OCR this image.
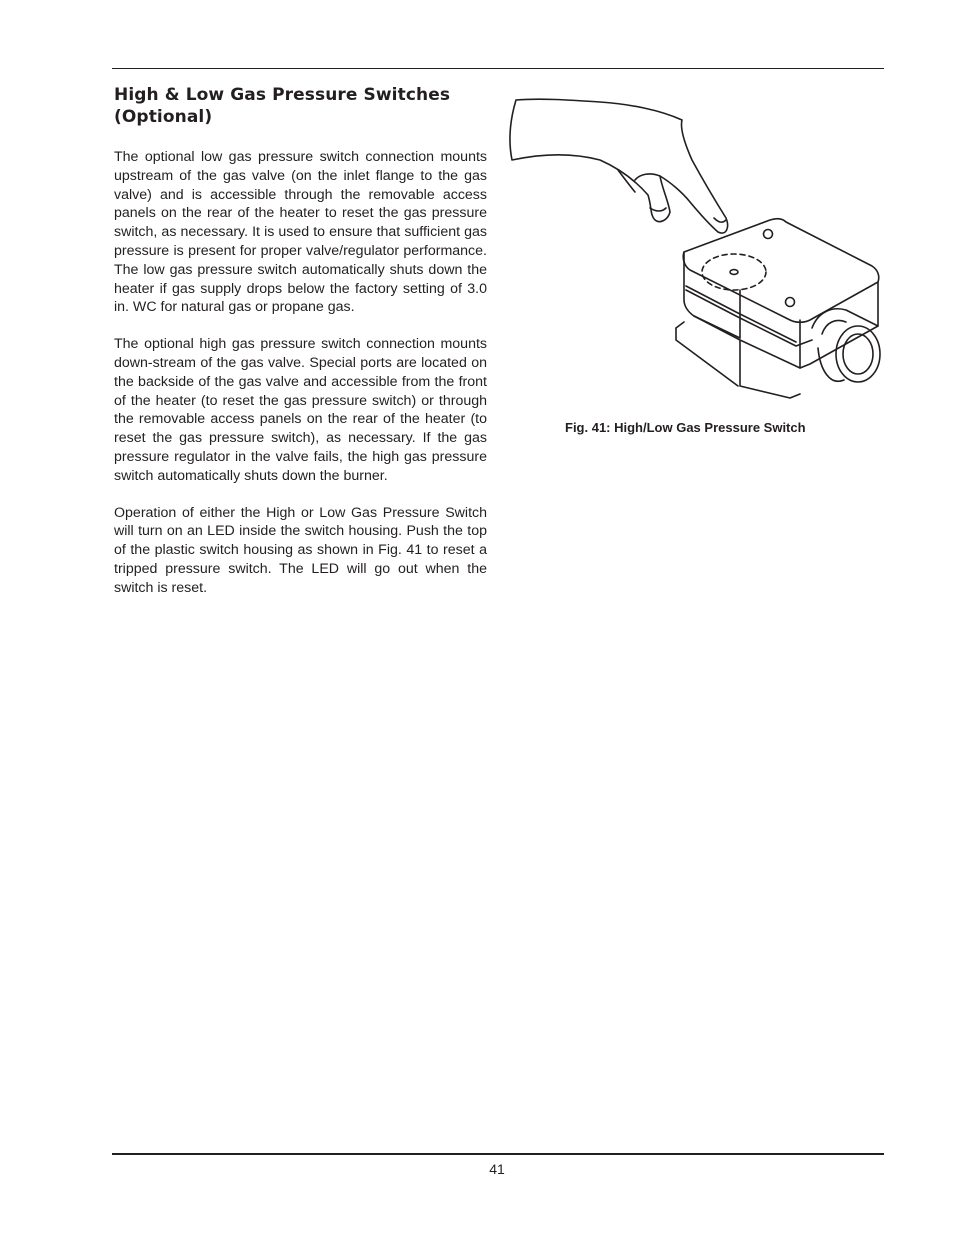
High & Low Gas Pressure Switches
(Optional)

The optional low gas pressure switch connection mounts upstream of the gas valve (on the inlet flange to the gas valve) and is accessible through the removable access panels on the rear of the heater to reset the gas pressure switch, as necessary. It is used to ensure that sufficient gas pressure is present for proper valve/regulator performance. The low gas pressure switch automatically shuts down the heater if gas supply drops below the factory setting of 3.0 in. WC for natural gas or propane gas.

The optional high gas pressure switch connection mounts down-stream of the gas valve. Special ports are located on the backside of the gas valve and accessible from the front of the heater (to reset the gas pressure switch) or through the removable access panels on the rear of the heater (to reset the gas pressure switch), as necessary. If the gas pressure regulator in the valve fails, the high gas pressure switch automatically shuts down the burner.

Operation of either the High or Low Gas Pressure Switch will turn on an LED inside the switch housing. Push the top of the plastic switch housing as shown in Fig. 41 to reset a tripped pressure switch. The LED will go out when the switch is reset.

Fig. 41: High/Low Gas Pressure Switch
41
